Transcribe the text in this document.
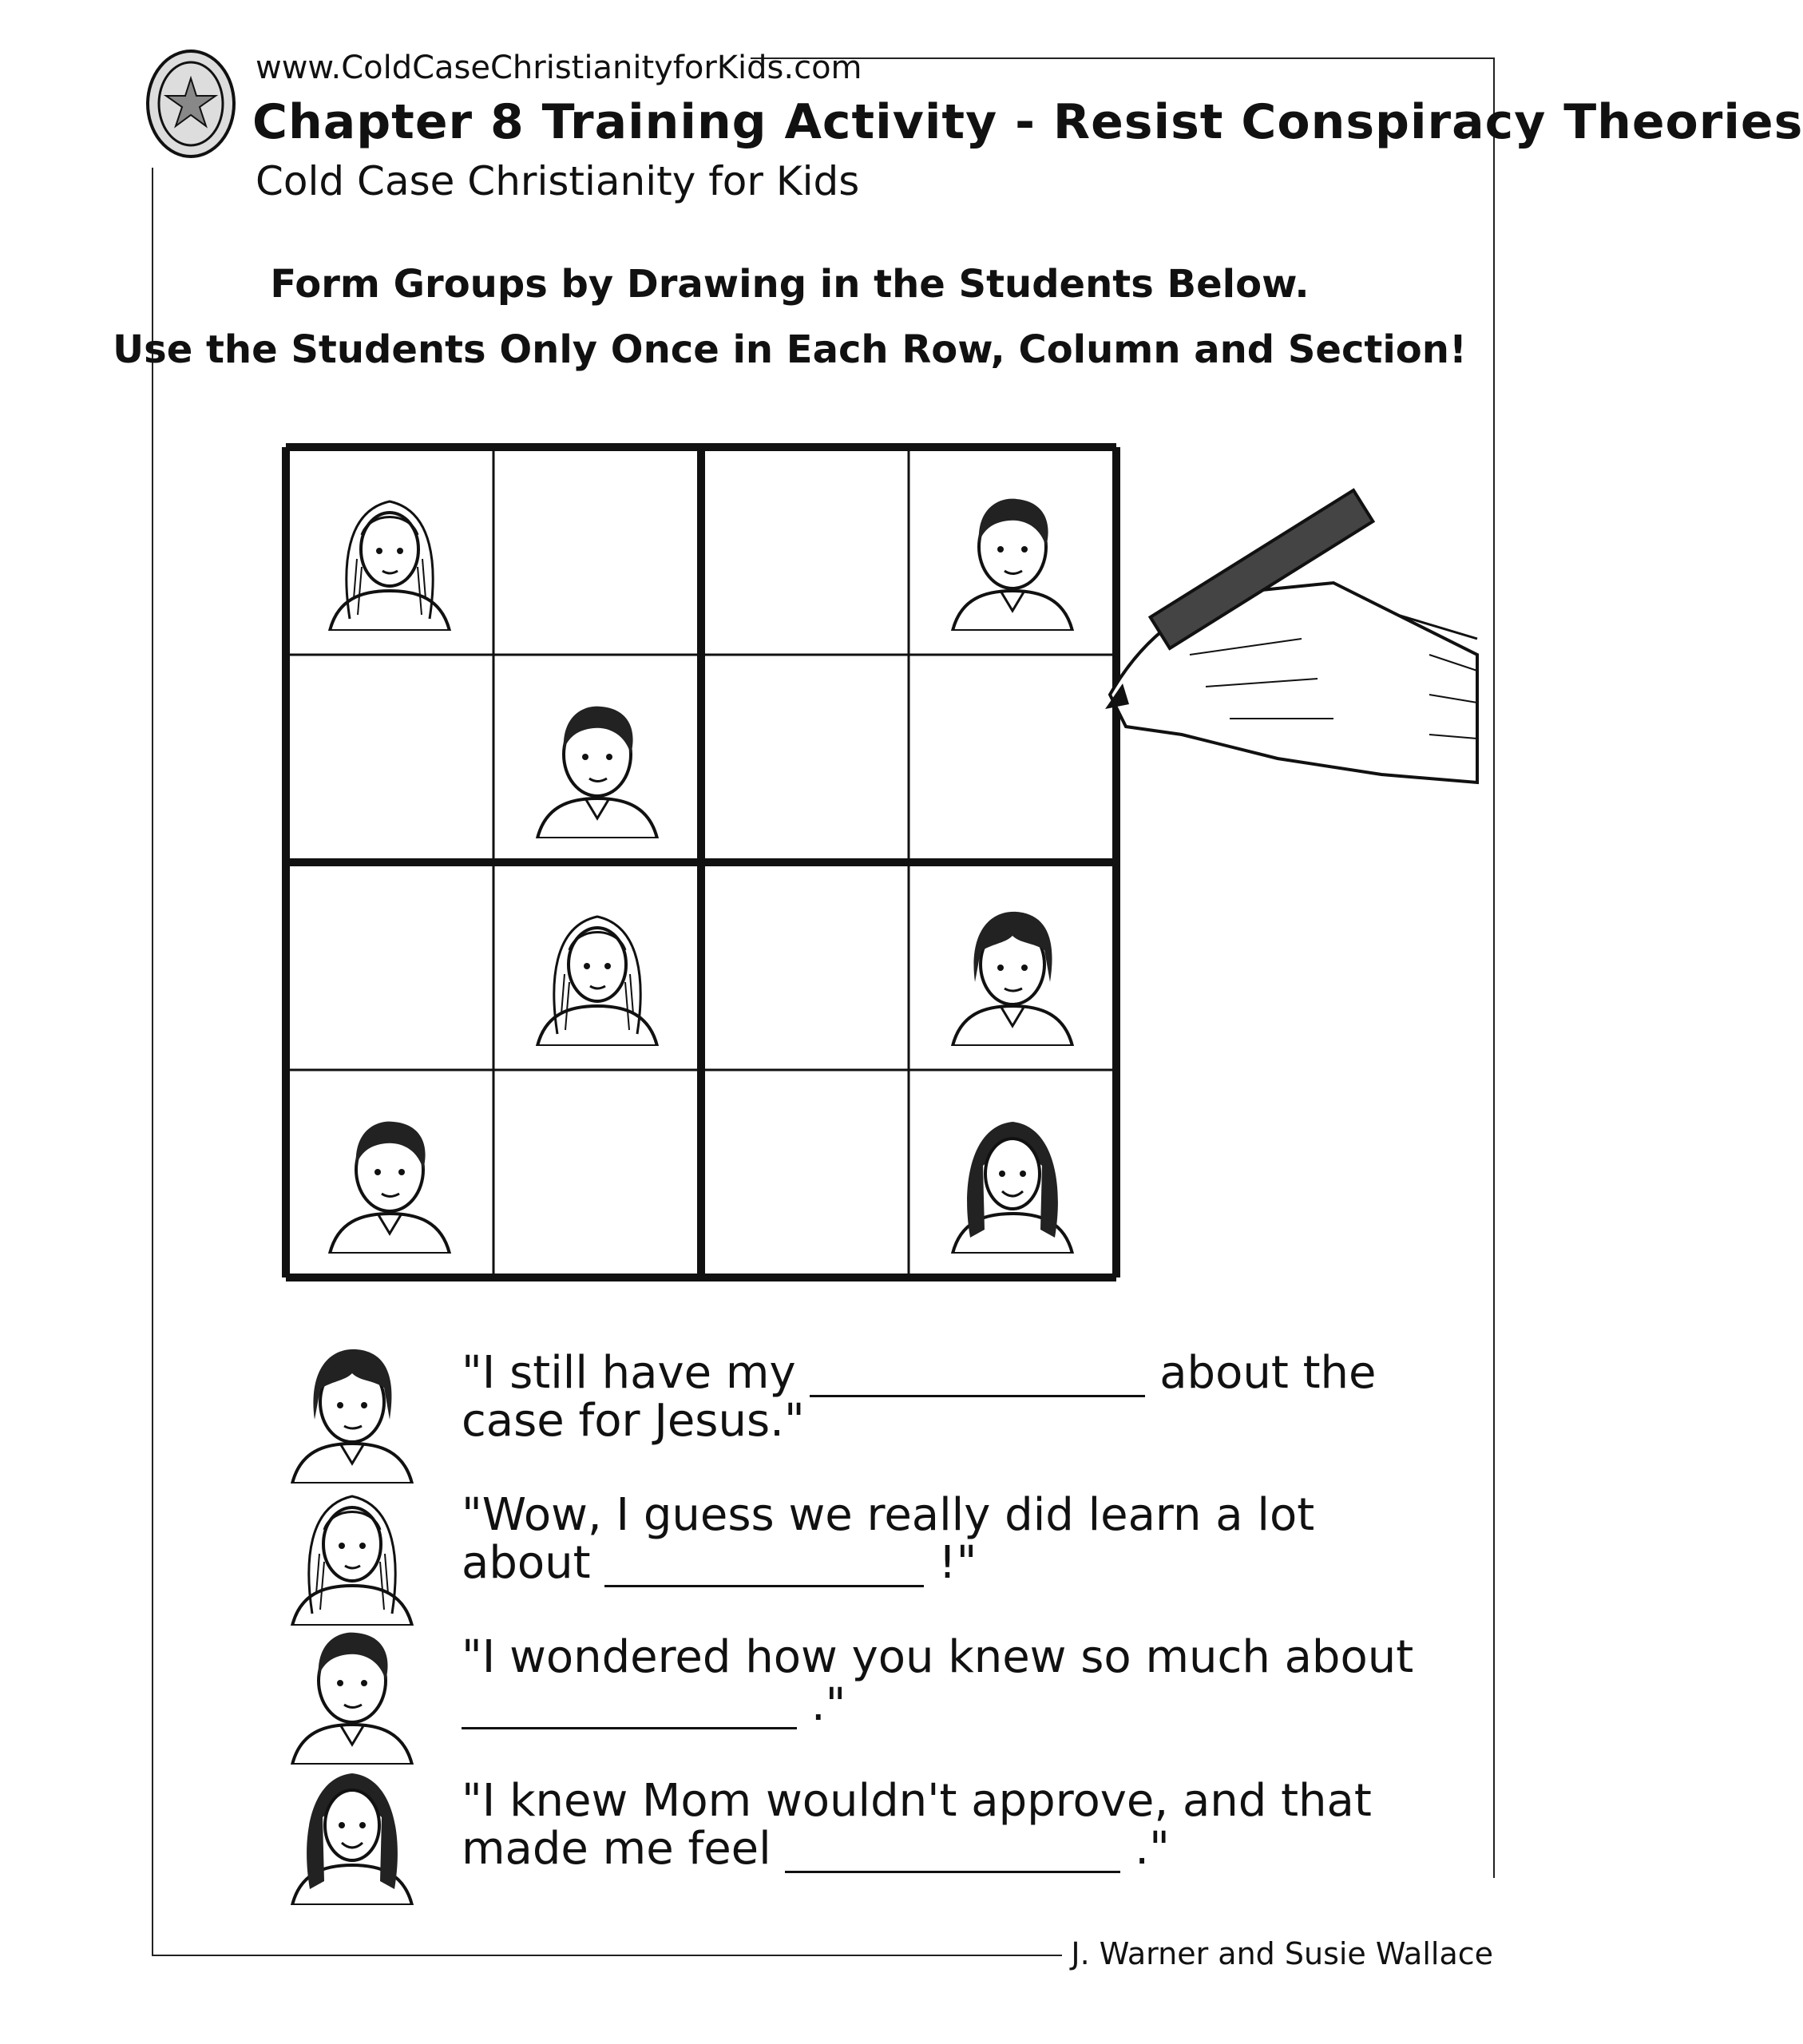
www.ColdCaseChristianityforKids.com
Chapter 8 Training Activity - Resist Conspiracy Theories
Cold Case Christianity for Kids
Form Groups by Drawing in the Students Below.
Use the Students Only Once in Each Row, Column and Section!
"I still have my	about the case for Jesus."
"Wow, I guess we really did learn a lot about	!"
"I wondered how you knew so much about  ."
"I knew Mom wouldn't approve, and that made me feel	."
J. Warner and Susie Wallace
